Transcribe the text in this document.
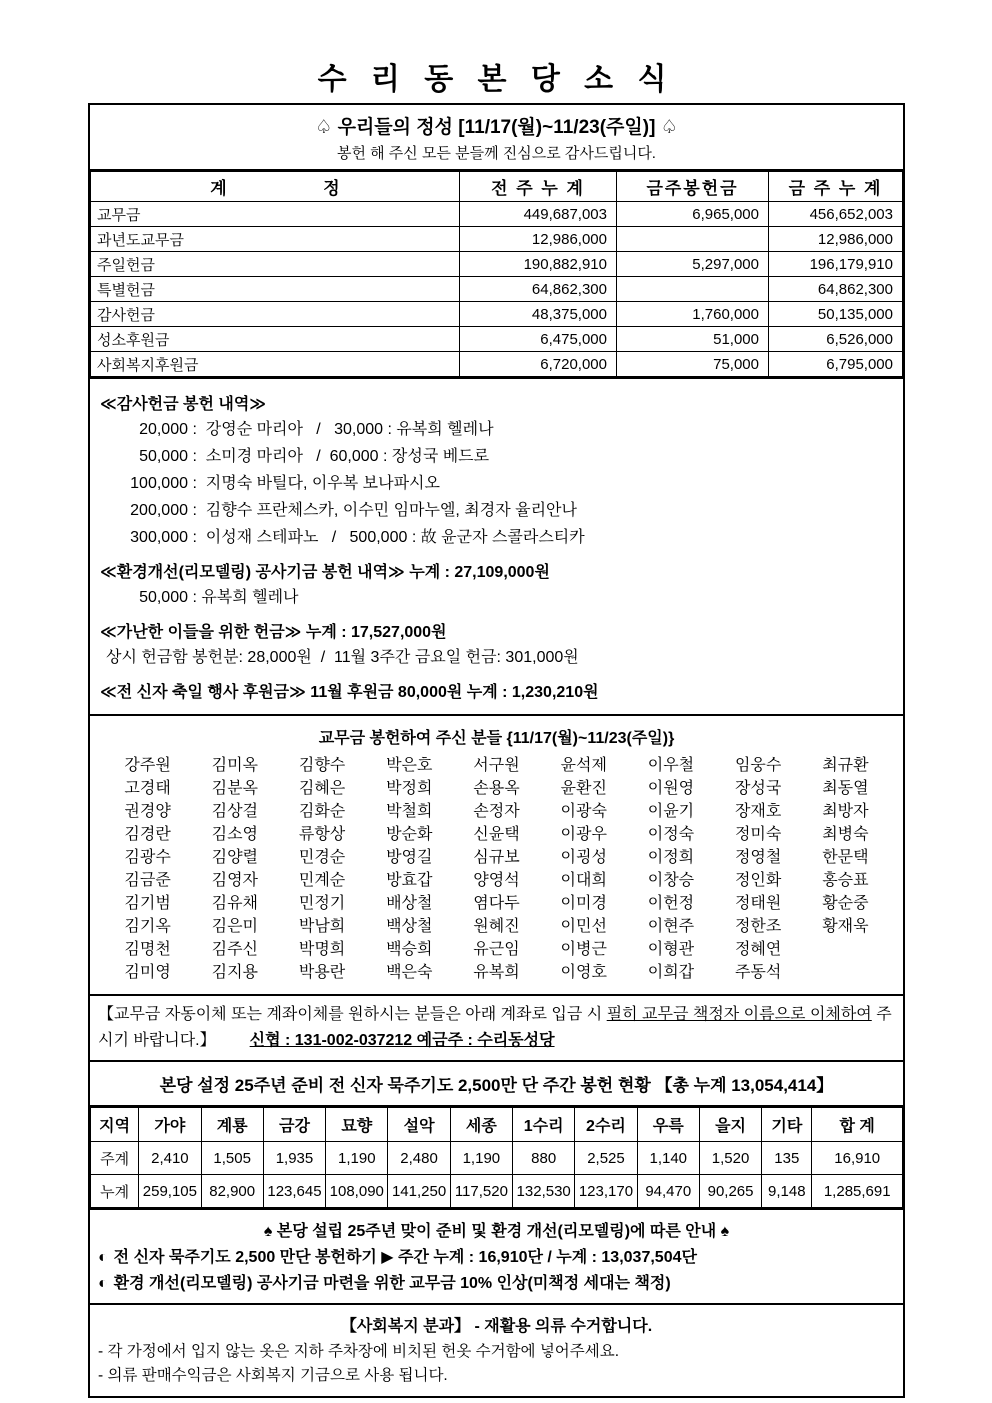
수 리 동 본 당 소 식
♤ 우리들의 정성 [11/17(월)~11/23(주일)] ♤
봉헌 해 주신 모든 분들께 진심으로 감사드립니다.
계 정	전 주 누 계	금주봉헌금	금 주 누 계
교무금	449,687,003	6,965,000	456,652,003
과년도교무금	12,986,000		12,986,000
주일헌금	190,882,910	5,297,000	196,179,910
특별헌금	64,862,300		64,862,300
감사헌금	48,375,000	1,760,000	50,135,000
성소후원금	6,475,000	51,000	6,526,000
사회복지후원금	6,720,000	75,000	6,795,000
≪감사헌금 봉헌 내역≫
20,000 :  강영순 마리아   /   30,000 : 유복희 헬레나
50,000 :  소미경 마리아   /  60,000 : 장성국 베드로
100,000 :  지명숙 바틸다, 이우복 보나파시오
200,000 :  김향수 프란체스카, 이수민 임마누엘, 최경자 율리안나
300,000 :  이성재 스테파노   /   500,000 : 故 윤군자 스콜라스티카
≪환경개선(리모델링) 공사기금 봉헌 내역≫ 누계 : 27,109,000원
50,000 : 유복희 헬레나
≪가난한 이들을 위한 헌금≫ 누계 : 17,527,000원
상시 헌금함 봉헌분: 28,000원  /  11월 3주간 금요일 헌금: 301,000원
≪전 신자 축일 행사 후원금≫ 11월 후원금 80,000원 누계 : 1,230,210원
교무금 봉헌하여 주신 분들 {11/17(월)~11/23(주일)}
강주원	김미옥	김향수	박은호	서구원	윤석제	이우철	임웅수	최규환
고경태	김분옥	김혜은	박정희	손용옥	윤환진	이원영	장성국	최동열
권경양	김상걸	김화순	박철희	손정자	이광숙	이윤기	장재호	최방자
김경란	김소영	류항상	방순화	신윤택	이광우	이정숙	정미숙	최병숙
김광수	김양렬	민경순	방영길	심규보	이굉성	이정희	정영철	한문택
김금준	김영자	민계순	방효갑	양영석	이대희	이창승	정인화	홍승표
김기범	김유채	민정기	배상철	염다두	이미경	이헌정	정태원	황순중
김기옥	김은미	박남희	백상철	원혜진	이민선	이현주	정한조	황재욱
김명천	김주신	박명희	백승희	유근임	이병근	이형관	정혜연
김미영	김지용	박용란	백은숙	유복희	이영호	이희갑	주동석
【교무금 자동이체 또는 계좌이체를 원하시는 분들은 아래 계좌로 입금 시 필히 교무금 책정자 이름으로 이체하여 주시기 바랍니다.】 신협 : 131-002-037212 예금주 : 수리동성당
본당 설정 25주년 준비 전 신자 묵주기도 2,500만 단 주간 봉헌 현황 【총 누계 13,054,414】
지역	가야	계룡	금강	묘향	설악	세종	1수리	2수리	우륵	을지	기타	합 계
주계	2,410	1,505	1,935	1,190	2,480	1,190	880	2,525	1,140	1,520	135	16,910
누계	259,105	82,900	123,645	108,090	141,250	117,520	132,530	123,170	94,470	90,265	9,148	1,285,691
♠ 본당 설립 25주년 맞이 준비 및 환경 개선(리모델링)에 따른 안내 ♠
◐ 전 신자 묵주기도 2,500 만단 봉헌하기 ▶ 주간 누계 : 16,910단 / 누계 : 13,037,504단
◐ 환경 개선(리모델링) 공사기금 마련을 위한 교무금 10% 인상(미책정 세대는 책정)
【사회복지 분과】 - 재활용 의류 수거합니다.
- 각 가정에서 입지 않는 옷은 지하 주차장에 비치된 헌옷 수거함에 넣어주세요.
- 의류 판매수익금은 사회복지 기금으로 사용 됩니다.
